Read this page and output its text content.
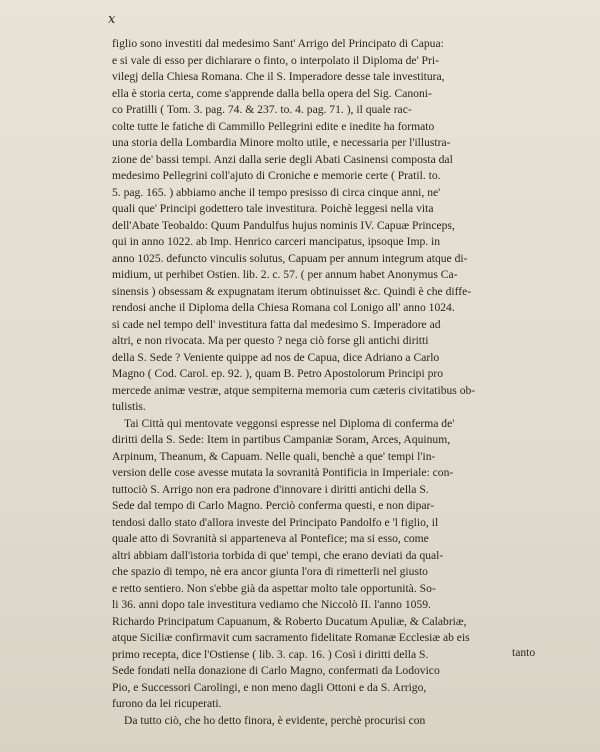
x

figlio sono investiti dal medesimo Sant' Arrigo del Principato di Capua:
e si vale di esso per dichiarare o finto, o interpolato il Diploma de' Pri-
vilegj della Chiesa Romana. Che il S. Imperadore desse tale investitura,
ella è storia certa, come s'apprende dalla bella opera del Sig. Canoni-
co Pratilli ( Tom. 3. pag. 74. & 237. to. 4. pag. 71. ), il quale rac-
colte tutte le fatiche di Cammillo Pellegrini edite e inedite ha formato
una storia della Lombardia Minore molto utile, e necessaria per l'illustra-
zione de' bassi tempi. Anzi dalla serie degli Abati Casinensi composta dal
medesimo Pellegrini coll'ajuto di Croniche e memorie certe ( Pratil. to.
5. pag. 165. ) abbiamo anche il tempo presisso di circa cinque anni, ne'
quali que' Principi godettero tale investitura. Poichè leggesi nella vita
dell'Abate Teobaldo: Quum Pandulfus hujus nominis IV. Capuæ Princeps,
qui in anno 1022. ab Imp. Henrico carceri mancipatus, ipsoque Imp. in
anno 1025. defuncto vinculis solutus, Capuam per annum integrum atque di-
midium, ut perhibet Ostien. lib. 2. c. 57. ( per annum habet Anonymus Ca-
sinensis ) obsessam & expugnatam iterum obtinuisset &c. Quindi è che diffe-
rendosi anche il Diploma della Chiesa Romana col Lonigo all' anno 1024.
si cade nel tempo dell' investitura fatta dal medesimo S. Imperadore ad
altri, e non rivocata. Ma per questo ? nega ciò forse gli antichi diritti
della S. Sede ? Veniente quippe ad nos de Capua, dice Adriano a Carlo
Magno ( Cod. Carol. ep. 92. ), quam B. Petro Apostolorum Principi pro
mercede animæ vestræ, atque sempiterna memoria cum cæteris civitatibus ob-
tulistis.

Tai Città qui mentovate veggonsi espresse nel Diploma di conferma de'
diritti della S. Sede: Item in partibus Campaniæ Soram, Arces, Aquinum,
Arpinum, Theanum, & Capuam. Nelle quali, benchè a que' tempi l'in-
version delle cose avesse mutata la sovranità Pontificia in Imperiale: con-
tuttociò S. Arrigo non era padrone d'innovare i diritti antichi della S.
Sede dal tempo di Carlo Magno. Perciò conferma questi, e non dipar-
tendosi dallo stato d'allora investe del Principato Pandolfo e 'l figlio, il
quale atto di Sovranità si apparteneva al Pontefice; ma si esso, come
altri abbiam dall'istoria torbida di que' tempi, che erano deviati da qual-
che spazio di tempo, nè era ancor giunta l'ora di rimetterli nel giusto
e retto sentiero. Non s'ebbe già da aspettar molto tale opportunità. So-
li 36. anni dopo tale investitura vediamo che Niccolò II. l'anno 1059.
Richardo Principatum Capuanum, & Roberto Ducatum Apuliæ, & Calabriæ,
atque Siciliæ confirmavit cum sacramento fidelitate Romanæ Ecclesiæ ab eis
primo recepta, dice l'Ostiense ( lib. 3. cap. 16. ) Così i diritti della S.
Sede fondati nella donazione di Carlo Magno, confermati da Lodovico
Pio, e Successori Carolingi, e non meno dagli Ottoni e da S. Arrigo,
furono da lei ricuperati.

Da tutto ciò, che ho detto finora, è evidente, perchè procurisi con

tanto
